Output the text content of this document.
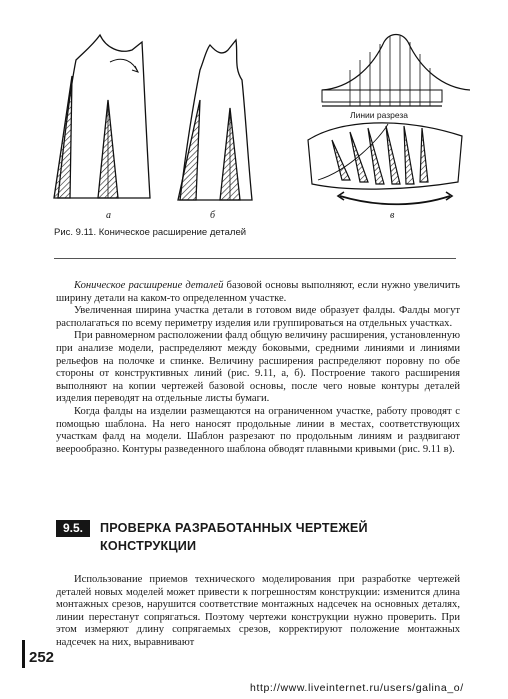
а	б	в
Линии разреза
Рис. 9.11. Коническое расширение деталей

Коническое расширение деталей базовой основы выполняют, если нужно увеличить ширину детали на каком-то определенном участке.

Увеличенная ширина участка детали в готовом виде образует фалды. Фалды могут располагаться по всему периметру изделия или группироваться на отдельных участках.

При равномерном расположении фалд общую величину расширения, установленную при анализе модели, распределяют между боковыми, средними линиями и линиями рельефов на полочке и спинке. Величину расширения распределяют поровну по обе стороны от конструктивных линий (рис. 9.11, а, б). Построение такого расширения выполняют на копии чертежей базовой основы, после чего новые контуры деталей изделия переводят на отдельные листы бумаги.

Когда фалды на изделии размещаются на ограниченном участке, работу проводят с помощью шаблона. На него наносят продольные линии в местах, соответствующих участкам фалд на модели. Шаблон разрезают по продольным линиям и раздвигают веерообразно. Контуры разведенного шаблона обводят плавными кривыми (рис. 9.11 в).

9.5.	ПРОВЕРКА РАЗРАБОТАННЫХ ЧЕРТЕЖЕЙ
КОНСТРУКЦИИ

Использование приемов технического моделирования при разработке чертежей деталей новых моделей может привести к погрешностям конструкции: изменится длина монтажных срезов, нарушится соответствие монтажных надсечек на основных деталях, линии перестанут сопрягаться. Поэтому чертежи конструкции нужно проверить. При этом измеряют длину сопрягаемых срезов, корректируют положение монтажных надсечек на них, выравнивают

252
http://www.liveinternet.ru/users/galina_o/
